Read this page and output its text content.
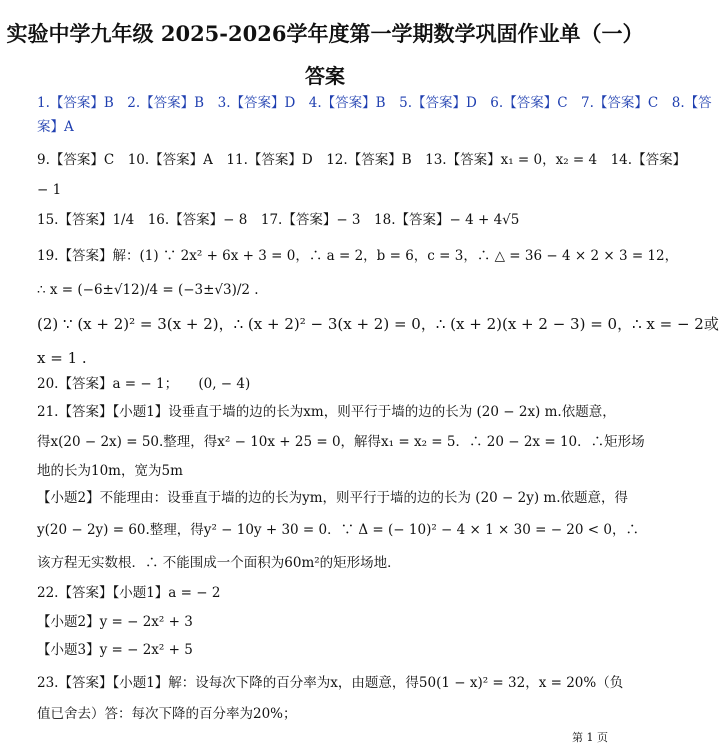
实验中学九年级 2025-2026学年度第一学期数学巩固作业单（一）
答案
1.【答案】B　2.【答案】B　3.【答案】D　4.【答案】B　5.【答案】D　6.【答案】C　7.【答案】C　8.【答
案】A
9.【答案】C　10.【答案】A　11.【答案】D　12.【答案】B　13.【答案】x₁ = 0，x₂ = 4　14.【答案】
− 1
15.【答案】1/4　16.【答案】− 8　17.【答案】− 3　18.【答案】− 4 + 4√5
19.【答案】解：(1) ∵ 2x² + 6x + 3 = 0，∴ a = 2，b = 6，c = 3，∴ △ = 36 − 4 × 2 × 3 = 12，
∴ x = (−6±√12)/4 = (−3±√3)/2 .
(2) ∵ (x + 2)² = 3(x + 2)，∴ (x + 2)² − 3(x + 2) = 0，∴ (x + 2)(x + 2 − 3) = 0，∴ x = − 2或
x = 1 .
20.【答案】a = − 1；　　(0, − 4)
21.【答案】【小题1】设垂直于墙的边的长为xm，则平行于墙的边的长为 (20 − 2x) m.依题意，
得x(20 − 2x) = 50.整理，得x² − 10x + 25 = 0，解得x₁ = x₂ = 5．∴ 20 − 2x = 10．∴矩形场
地的长为10m，宽为5m
【小题2】不能理由：设垂直于墙的边的长为ym，则平行于墙的边的长为 (20 − 2y) m.依题意，得
y(20 − 2y) = 60.整理，得y² − 10y + 30 = 0．∵ Δ = (− 10)² − 4 × 1 × 30 = − 20 < 0，∴
该方程无实数根．∴ 不能围成一个面积为60m²的矩形场地．
22.【答案】【小题1】a = − 2
【小题2】y = − 2x² + 3
【小题3】y = − 2x² + 5
23.【答案】【小题1】解：设每次下降的百分率为x，由题意，得50(1 − x)² = 32，x = 20%（负
值已舍去）答：每次下降的百分率为20%；
第 1 页
